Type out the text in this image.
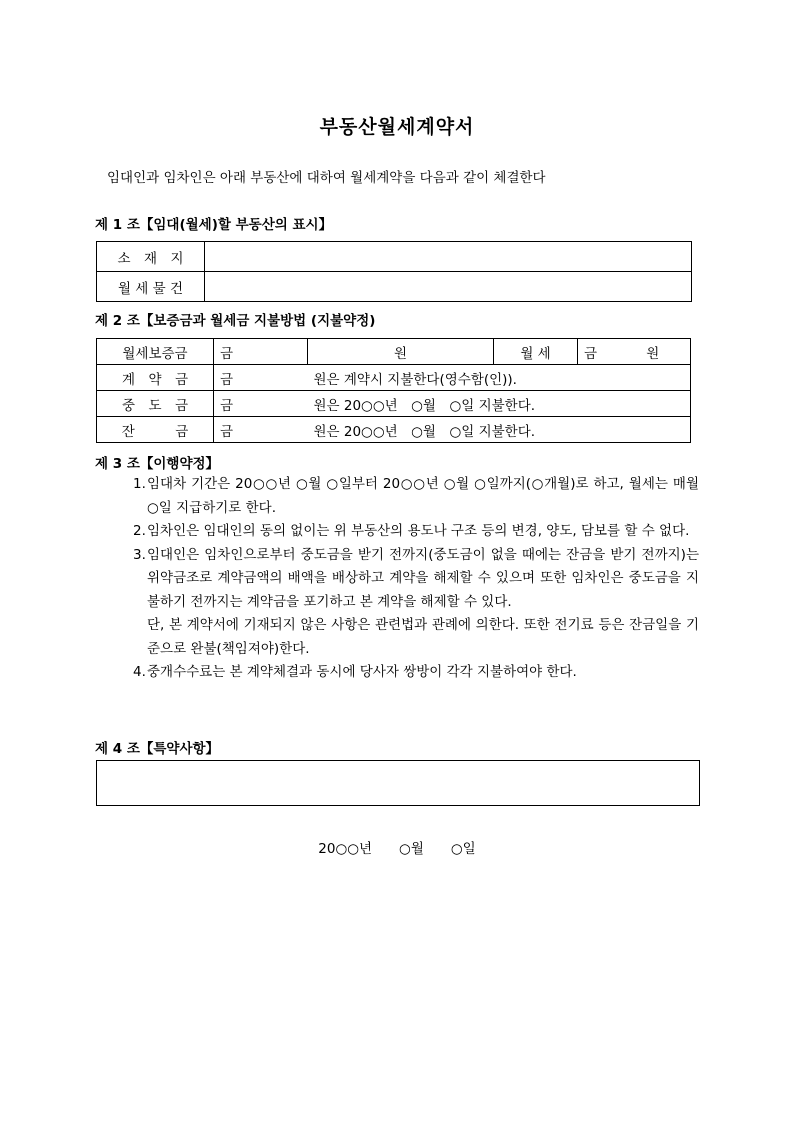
부동산월세계약서
임대인과 임차인은 아래 부동산에 대하여 월세계약을 다음과 같이 체결한다
제 1 조【임대(월세)할 부동산의 표시】
소　재　지	
월 세 물 건	
제 2 조【보증금과 월세금 지불방법 (지불약정)
월세보증금	금	원	월 세	금	원
계　약　금	금	원은 계약시 지불한다(영수함(인)).			
중　도　금	금	원은 20○○년　○월　○일 지불한다.			
잔　　　금	금	원은 20○○년　○월　○일 지불한다.			
제 3 조【이행약정】
1. 임대차 기간은 20○○년 ○월 ○일부터 20○○년 ○월 ○일까지(○개월)로 하고, 월세는 매월 ○일 지급하기로 한다.
2. 임차인은 임대인의 동의 없이는 위 부동산의 용도나 구조 등의 변경, 양도, 담보를 할 수 없다.
3. 임대인은 임차인으로부터 중도금을 받기 전까지(중도금이 없을 때에는 잔금을 받기 전까지)는 위약금조로 계약금액의 배액을 배상하고 계약을 해제할 수 있으며 또한 임차인은 중도금을 지불하기 전까지는 계약금을 포기하고 본 계약을 해제할 수 있다.
단, 본 계약서에 기재되지 않은 사항은 관련법과 관례에 의한다. 또한 전기료 등은 잔금일을 기준으로 완불(책임져야)한다.
4. 중개수수료는 본 계약체결과 동시에 당사자 쌍방이 각각 지불하여야 한다.
제 4 조【특약사항】
20○○년　　○월　　○일
